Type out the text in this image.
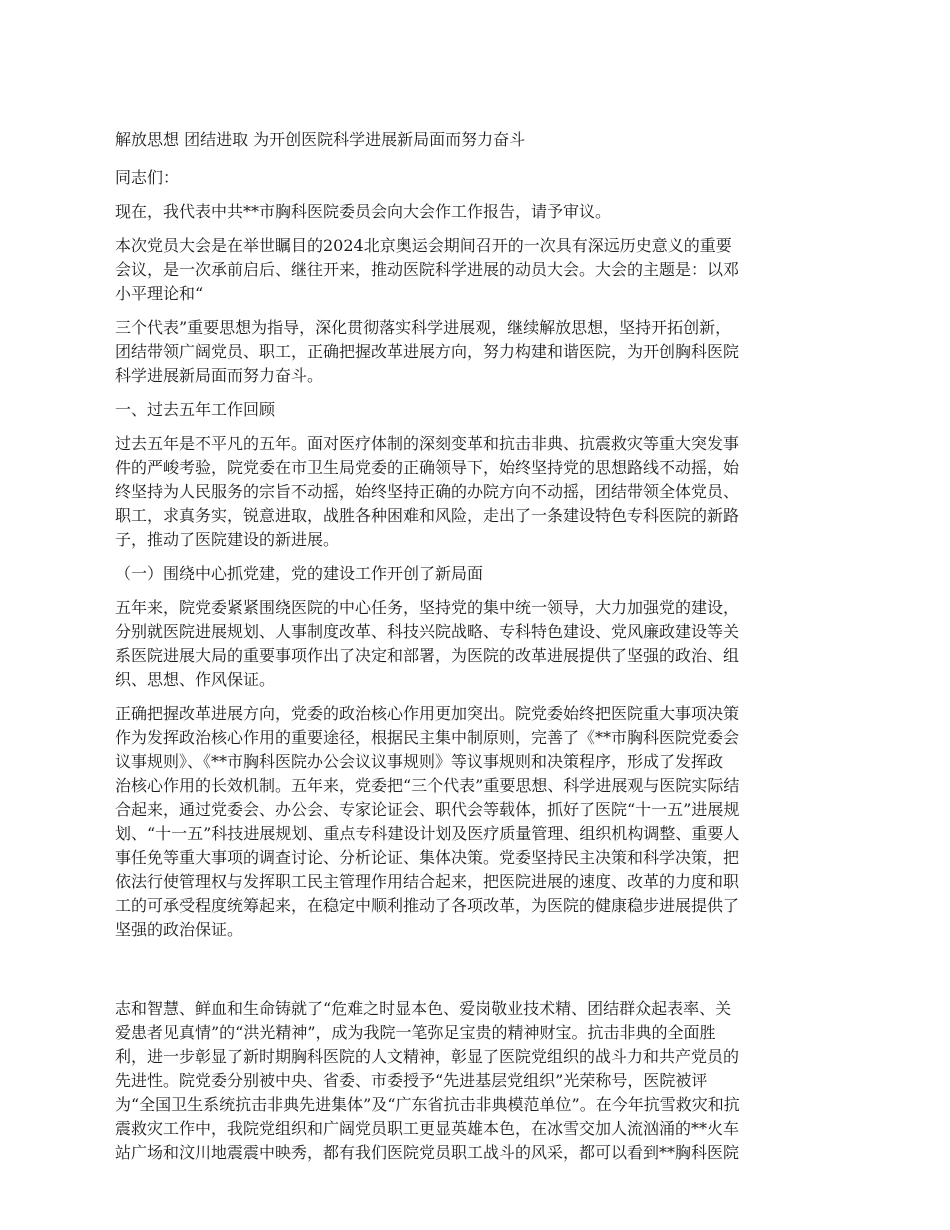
解放思想 团结进取 为开创医院科学进展新局面而努力奋斗

同志们：

现在，我代表中共**市胸科医院委员会向大会作工作报告，请予审议。

本次党员大会是在举世瞩目的2024北京奥运会期间召开的一次具有深远历史意义的重要

会议，是一次承前启后、继往开来，推动医院科学进展的动员大会。大会的主题是：以邓

小平理论和“

三个代表”重要思想为指导，深化贯彻落实科学进展观，继续解放思想，坚持开拓创新，

团结带领广阔党员、职工，正确把握改革进展方向，努力构建和谐医院，为开创胸科医院

科学进展新局面而努力奋斗。

一、过去五年工作回顾

过去五年是不平凡的五年。面对医疗体制的深刻变革和抗击非典、抗震救灾等重大突发事

件的严峻考验，院党委在市卫生局党委的正确领导下，始终坚持党的思想路线不动摇，始

终坚持为人民服务的宗旨不动摇，始终坚持正确的办院方向不动摇，团结带领全体党员、

职工，求真务实，锐意进取，战胜各种困难和风险，走出了一条建设特色专科医院的新路

子，推动了医院建设的新进展。

（一）围绕中心抓党建，党的建设工作开创了新局面

五年来，院党委紧紧围绕医院的中心任务，坚持党的集中统一领导，大力加强党的建设，

分别就医院进展规划、人事制度改革、科技兴院战略、专科特色建设、党风廉政建设等关

系医院进展大局的重要事项作出了决定和部署，为医院的改革进展提供了坚强的政治、组

织、思想、作风保证。

正确把握改革进展方向，党委的政治核心作用更加突出。院党委始终把医院重大事项决策

作为发挥政治核心作用的重要途径，根据民主集中制原则，完善了《**市胸科医院党委会

议事规则》、《**市胸科医院办公会议议事规则》等议事规则和决策程序，形成了发挥政

治核心作用的长效机制。五年来，党委把“三个代表”重要思想、科学进展观与医院实际结

合起来，通过党委会、办公会、专家论证会、职代会等载体，抓好了医院“十一五”进展规

划、“十一五”科技进展规划、重点专科建设计划及医疗质量管理、组织机构调整、重要人

事任免等重大事项的调查讨论、分析论证、集体决策。党委坚持民主决策和科学决策，把

依法行使管理权与发挥职工民主管理作用结合起来，把医院进展的速度、改革的力度和职

工的可承受程度统筹起来，在稳定中顺利推动了各项改革，为医院的健康稳步进展提供了

坚强的政治保证。

志和智慧、鲜血和生命铸就了“危难之时显本色、爱岗敬业技术精、团结群众起表率、关

爱患者见真情”的“洪光精神”，成为我院一笔弥足宝贵的精神财宝。抗击非典的全面胜

利，进一步彰显了新时期胸科医院的人文精神，彰显了医院党组织的战斗力和共产党员的

先进性。院党委分别被中央、省委、市委授予“先进基层党组织”光荣称号，医院被评

为“全国卫生系统抗击非典先进集体”及“广东省抗击非典模范单位”。在今年抗雪救灾和抗

震救灾工作中，我院党组织和广阔党员职工更显英雄本色，在冰雪交加人流汹涌的**火车

站广场和汶川地震震中映秀，都有我们医院党员职工战斗的风采，都可以看到**胸科医院
